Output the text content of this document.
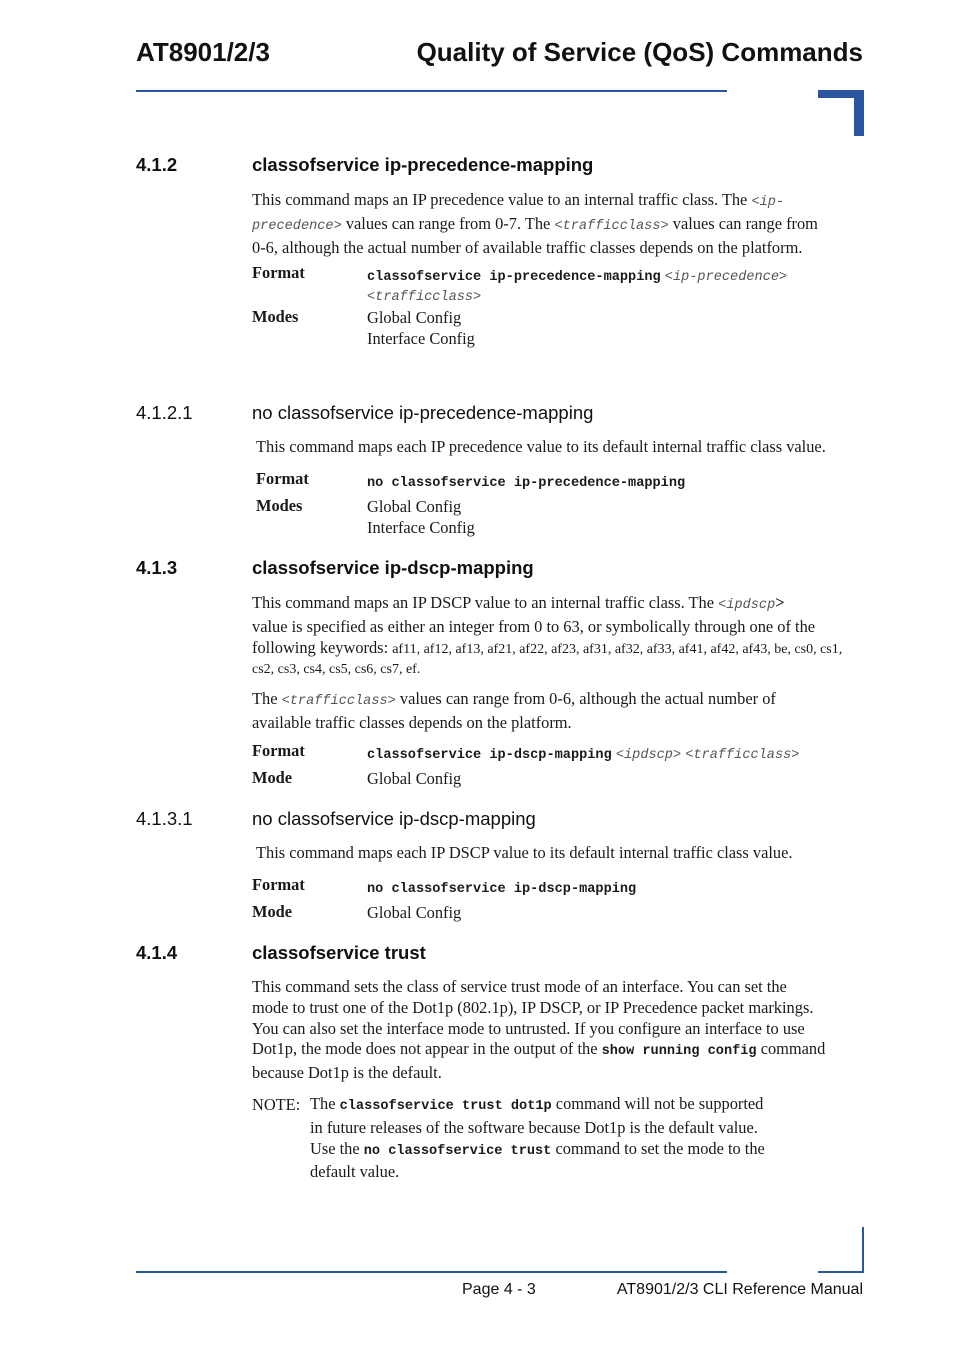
AT8901/2/3	Quality of Service (QoS) Commands
4.1.2	classofservice ip-precedence-mapping
This command maps an IP precedence value to an internal traffic class. The <ip-
precedence> values can range from 0-7. The <trafficclass> values can range from
0-6, although the actual number of available traffic classes depends on the platform.
Format	classofservice ip-precedence-mapping <ip-precedence>
<trafficclass>
Modes	Global Config
Interface Config
4.1.2.1	no classofservice ip-precedence-mapping
This command maps each IP precedence value to its default internal traffic class value.
Format	no classofservice ip-precedence-mapping
Modes	Global Config
Interface Config
4.1.3	classofservice ip-dscp-mapping
This command maps an IP DSCP value to an internal traffic class. The <ipdscp>
value is specified as either an integer from 0 to 63, or symbolically through one of the
following keywords: af11, af12, af13, af21, af22, af23, af31, af32, af33, af41, af42, af43, be, cs0, cs1,
cs2, cs3, cs4, cs5, cs6, cs7, ef.
The <trafficclass> values can range from 0-6, although the actual number of
available traffic classes depends on the platform.
Format	classofservice ip-dscp-mapping <ipdscp> <trafficclass>
Mode	Global Config
4.1.3.1	no classofservice ip-dscp-mapping
This command maps each IP DSCP value to its default internal traffic class value.
Format	no classofservice ip-dscp-mapping
Mode	Global Config
4.1.4	classofservice trust
This command sets the class of service trust mode of an interface. You can set the
mode to trust one of the Dot1p (802.1p), IP DSCP, or IP Precedence packet markings.
You can also set the interface mode to untrusted. If you configure an interface to use
Dot1p, the mode does not appear in the output of the show running config command
because Dot1p is the default.
NOTE: The classofservice trust dot1p command will not be supported
in future releases of the software because Dot1p is the default value.
Use the no classofservice trust command to set the mode to the
default value.
Page 4 - 3	AT8901/2/3 CLI Reference Manual
